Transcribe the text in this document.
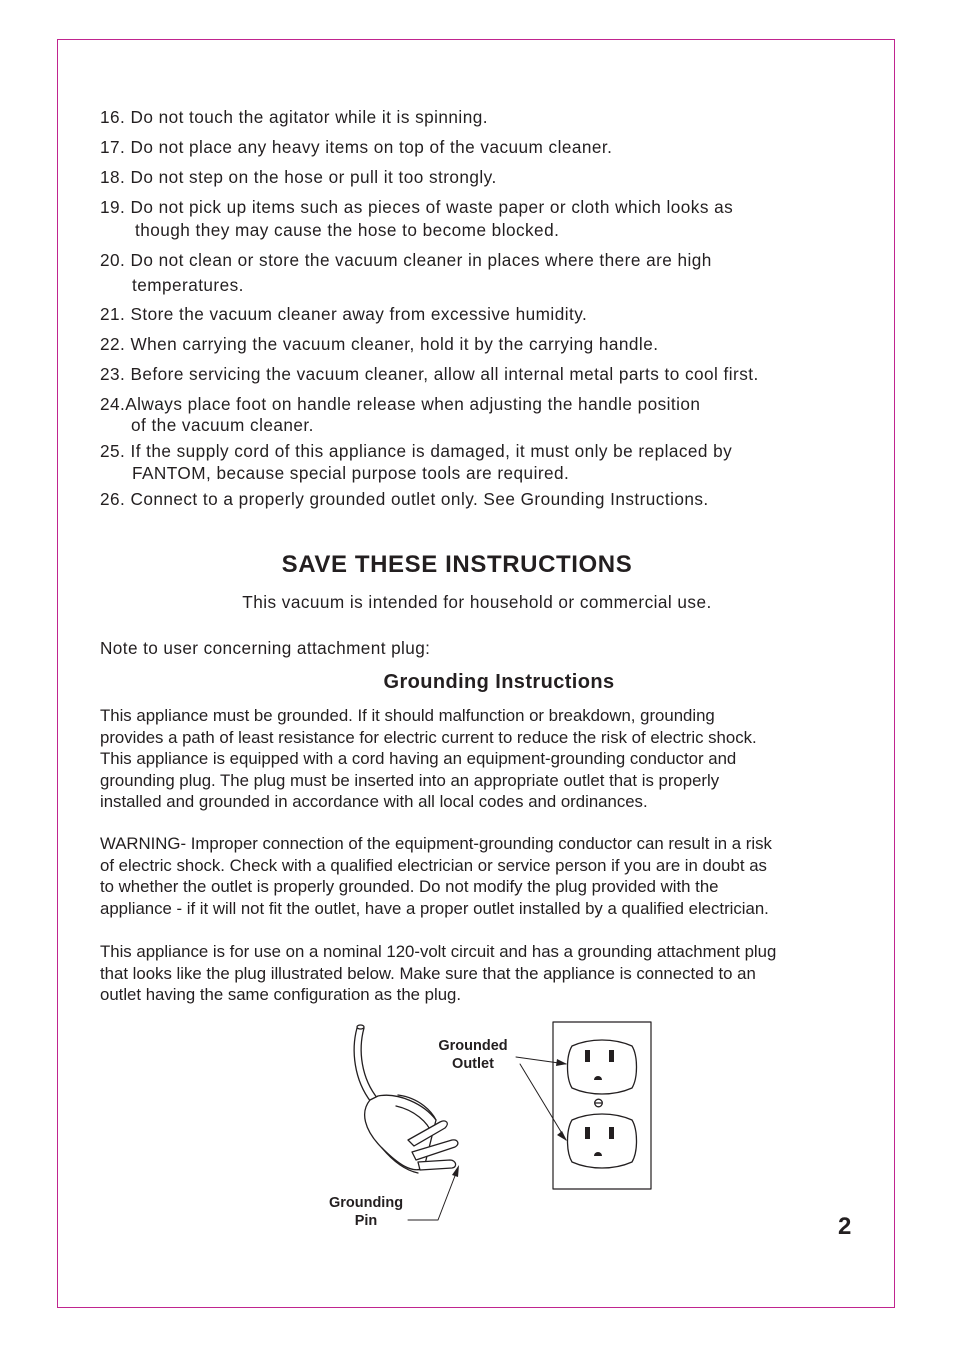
16. Do not touch the agitator while it is spinning.
17. Do not place any heavy items on top of the vacuum cleaner.
18. Do not step on the hose or pull it too strongly.
19. Do not pick up items such as pieces of waste paper or cloth which looks as
though they may cause the hose to become blocked.
20. Do not clean or store the vacuum cleaner in places where there are high
temperatures.
21. Store the vacuum cleaner away from excessive humidity.
22. When carrying the vacuum cleaner, hold it by the carrying handle.
23. Before servicing the vacuum cleaner, allow all internal metal parts to cool first.
24.Always place foot on handle release when adjusting the handle position
of the vacuum cleaner.
25. If the supply cord of this appliance is damaged, it must only be replaced by
FANTOM, because special purpose tools are required.
26. Connect to a properly grounded outlet only. See Grounding Instructions.
SAVE THESE INSTRUCTIONS
This vacuum is intended for household or commercial use.
Note to user concerning attachment plug:
Grounding Instructions
This appliance must be grounded. If it should malfunction or breakdown, grounding
provides a path of least resistance for electric current to reduce the risk of electric shock.
This appliance is equipped with a cord having an equipment-grounding conductor and
grounding plug. The plug must be inserted into an appropriate outlet that is properly
installed and grounded in accordance with all local codes and ordinances.
WARNING- Improper connection of the equipment-grounding conductor can result in a risk
of electric shock. Check with a qualified electrician or service person if you are in doubt as
to whether the outlet is properly grounded. Do not modify the plug provided with the
appliance - if it will not fit the outlet, have a proper outlet installed by a qualified electrician.
This appliance is for use on a nominal 120-volt circuit and has a grounding attachment plug
that looks like the plug illustrated below. Make sure that the appliance is connected to an
outlet having the same configuration as the plug.
Grounded
Outlet
Grounding
Pin	2
